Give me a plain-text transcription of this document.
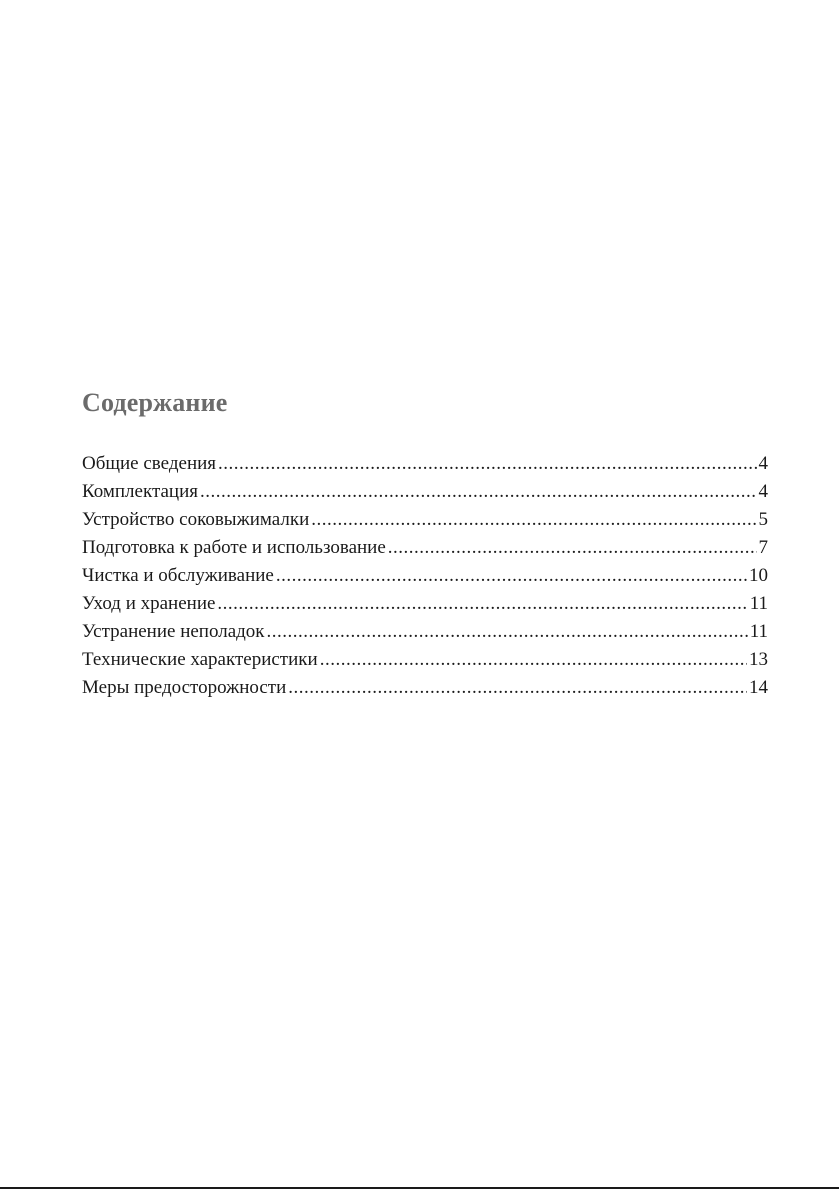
Содержание
Общие сведения .....	4
Комплектация .....	4
Устройство соковыжималки .....	5
Подготовка к работе и использование .....	7
Чистка и обслуживание .....	10
Уход и хранение .....	11
Устранение неполадок .....	11
Технические характеристики .....	13
Меры предосторожности .....	14
